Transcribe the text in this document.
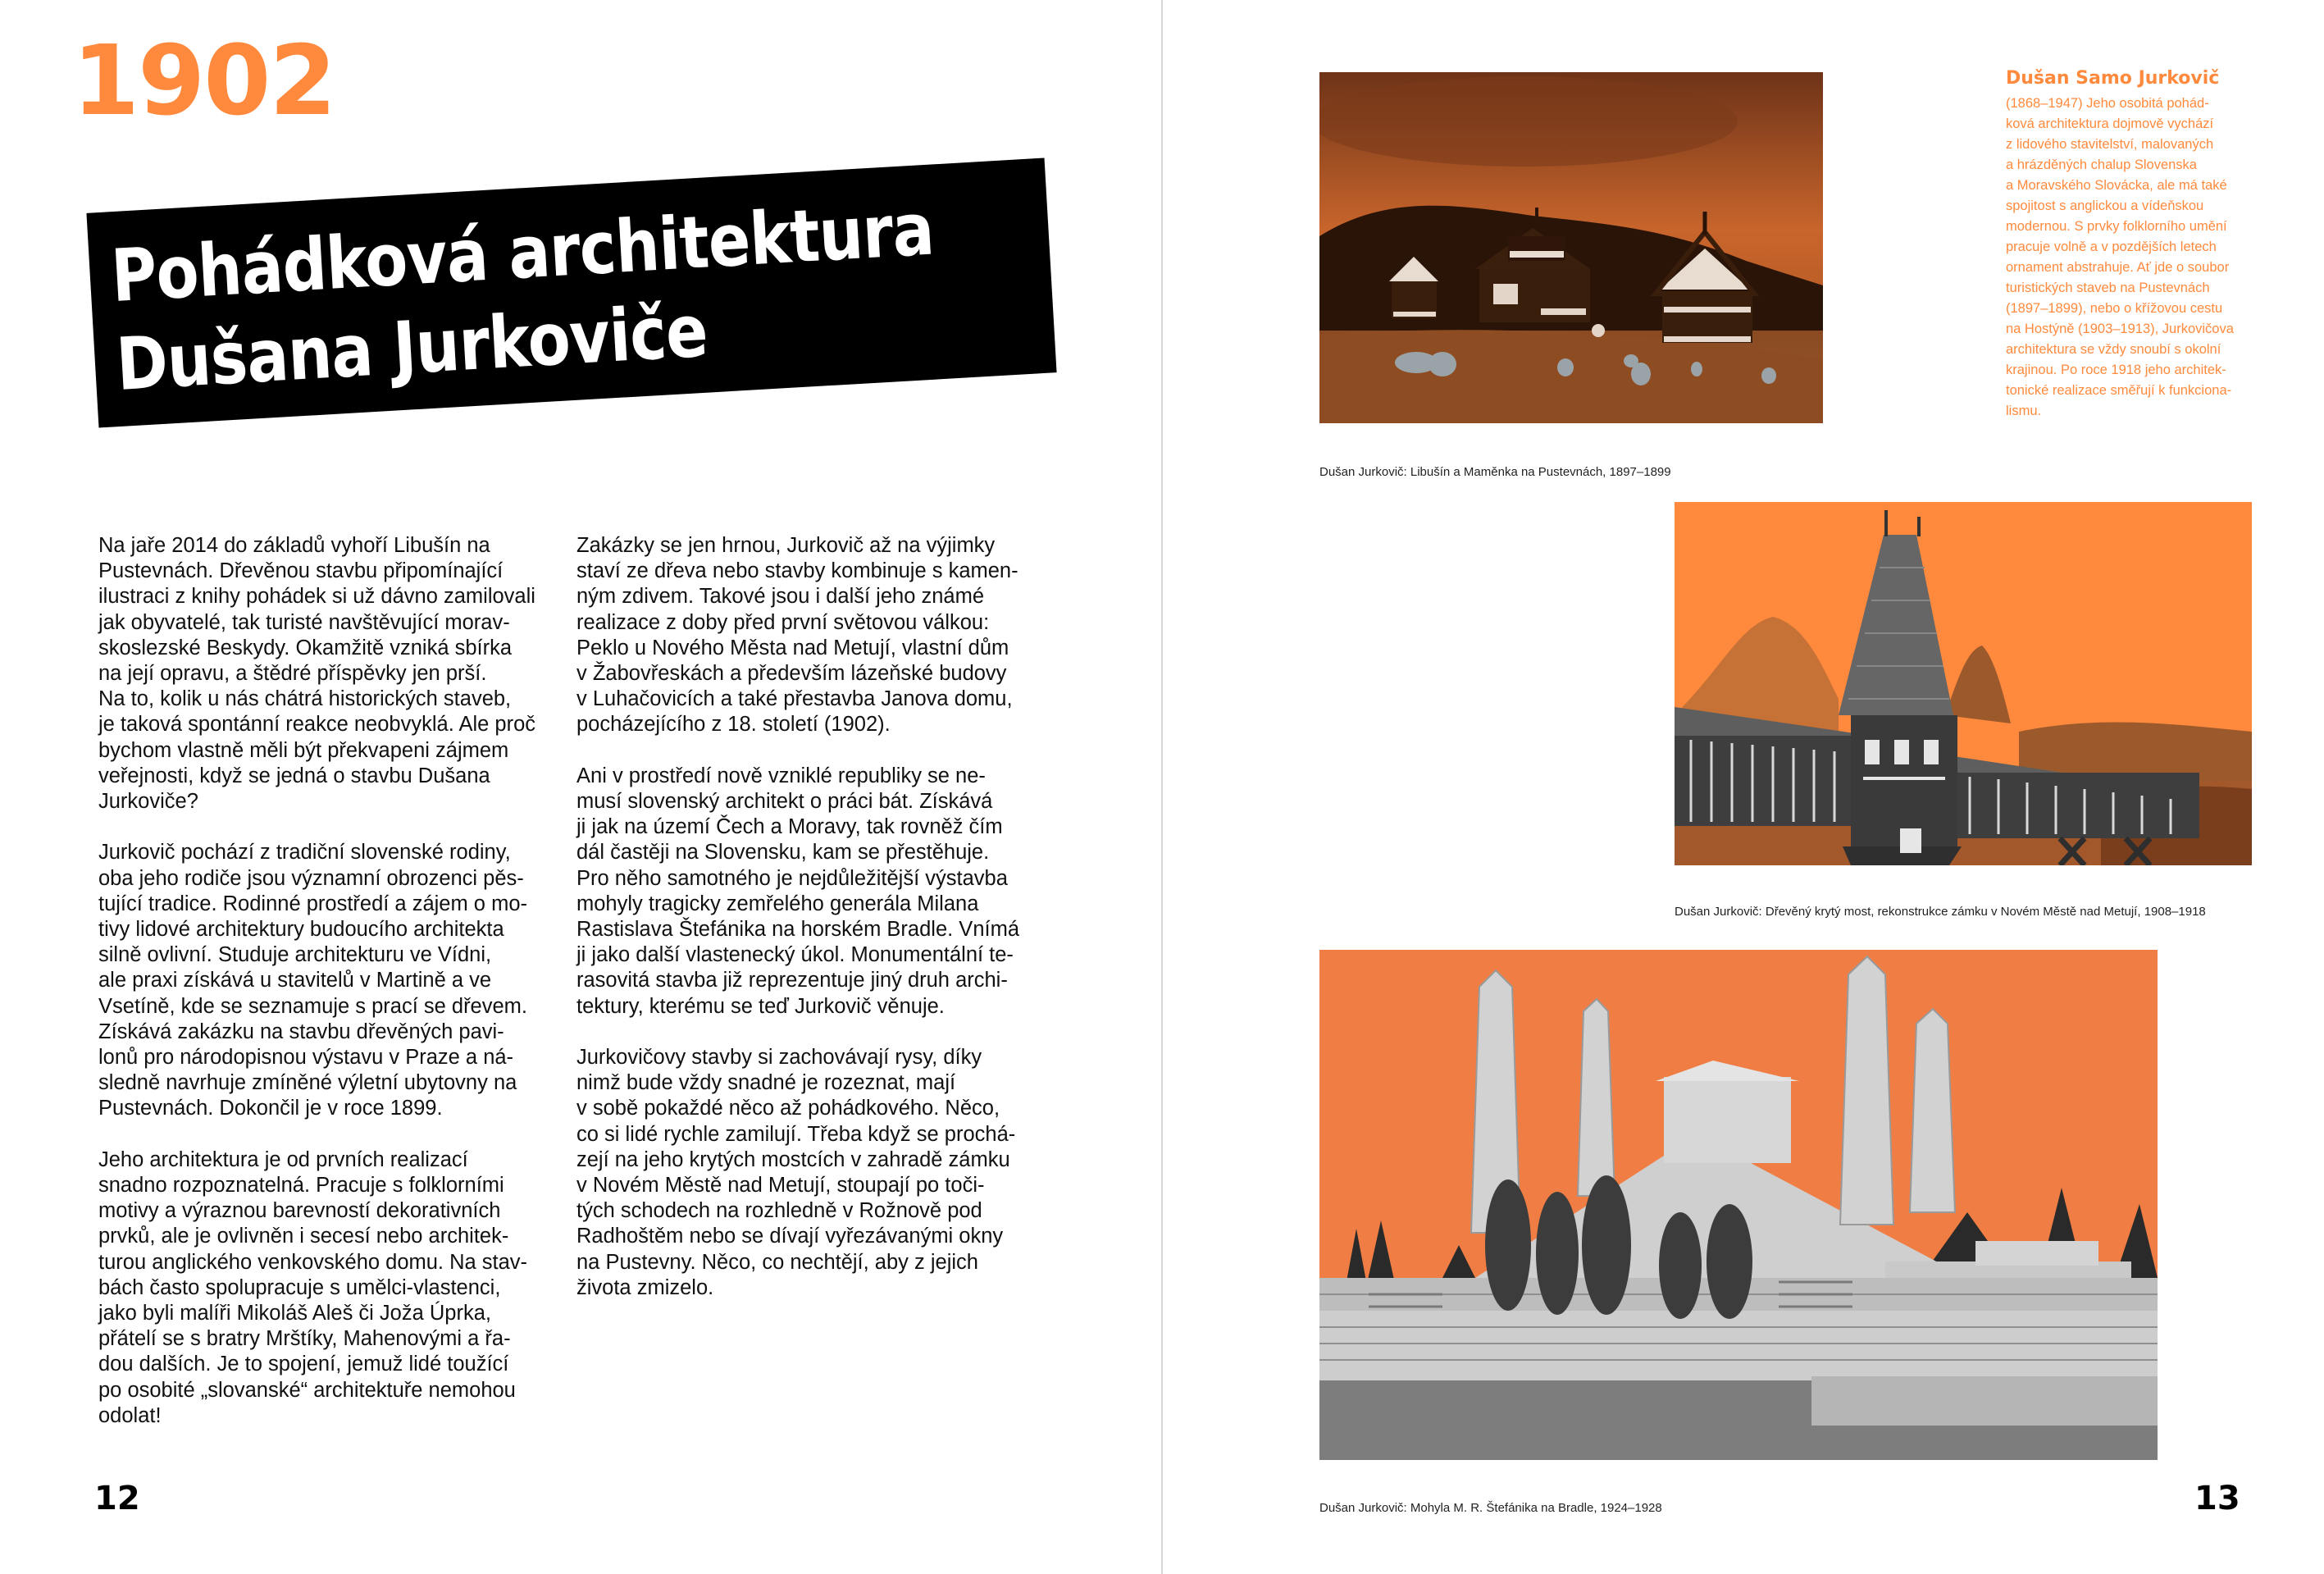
1902
Pohádková architektura
Dušana Jurkoviče

Na jaře 2014 do základů vyhoří Libušín na
Pustevnách. Dřevěnou stavbu připomínající
ilustraci z knihy pohádek si už dávno zamilovali
jak obyvatelé, tak turisté navštěvující morav-
skoslezské Beskydy. Okamžitě vzniká sbírka
na její opravu, a štědré příspěvky jen prší.
Na to, kolik u nás chátrá historických staveb,
je taková spontánní reakce neobvyklá. Ale proč
bychom vlastně měli být překvapeni zájmem
veřejnosti, když se jedná o stavbu Dušana
Jurkoviče?

Jurkovič pochází z tradiční slovenské rodiny,
oba jeho rodiče jsou významní obrozenci pěs-
tující tradice. Rodinné prostředí a zájem o mo-
tivy lidové architektury budoucího architekta
silně ovlivní. Studuje architekturu ve Vídni,
ale praxi získává u stavitelů v Martině a ve
Vsetíně, kde se seznamuje s prací se dřevem.
Získává zakázku na stavbu dřevěných pavi-
lonů pro národopisnou výstavu v Praze a ná-
sledně navrhuje zmíněné výletní ubytovny na
Pustevnách. Dokončil je v roce 1899.

Jeho architektura je od prvních realizací
snadno rozpoznatelná. Pracuje s folklorními
motivy a výraznou barevností dekorativních
prvků, ale je ovlivněn i secesí nebo architek-
turou anglického venkovského domu. Na stav-
bách často spolupracuje s umělci-vlastenci,
jako byli malíři Mikoláš Aleš či Joža Úprka,
přátelí se s bratry Mrštíky, Mahenovými a řa-
dou dalších. Je to spojení, jemuž lidé toužící
po osobité „slovanské“ architektuře nemohou
odolat!

Zakázky se jen hrnou, Jurkovič až na výjimky
staví ze dřeva nebo stavby kombinuje s kamen-
ným zdivem. Takové jsou i další jeho známé
realizace z doby před první světovou válkou:
Peklo u Nového Města nad Metují, vlastní dům
v Žabovřeskách a především lázeňské budovy
v Luhačovicích a také přestavba Janova domu,
pocházejícího z 18. století (1902).

Ani v prostředí nově vzniklé republiky se ne-
musí slovenský architekt o práci bát. Získává
ji jak na území Čech a Moravy, tak rovněž čím
dál častěji na Slovensku, kam se přestěhuje.
Pro něho samotného je nejdůležitější výstavba
mohyly tragicky zemřelého generála Milana
Rastislava Štefánika na horském Bradle. Vnímá
ji jako další vlastenecký úkol. Monumentální te-
rasovitá stavba již reprezentuje jiný druh archi-
tektury, kterému se teď Jurkovič věnuje.

Jurkovičovy stavby si zachovávají rysy, díky
nimž bude vždy snadné je rozeznat, mají
v sobě pokaždé něco až pohádkového. Něco,
co si lidé rychle zamilují. Třeba když se prochá-
zejí na jeho krytých mostcích v zahradě zámku
v Novém Městě nad Metují, stoupají po toči-
tých schodech na rozhledně v Rožnově pod
Radhoštěm nebo se dívají vyřezávanými okny
na Pustevny. Něco, co nechtějí, aby z jejich
života zmizelo.

12
Dušan Jurkovič: Libušín a Maměnka na Pustevnách, 1897–1899
Dušan Samo Jurkovič

(1868–1947) Jeho osobitá pohád-
ková architektura dojmově vychází
z lidového stavitelství, malovaných
a hrázděných chalup Slovenska
a Moravského Slovácka, ale má také
spojitost s anglickou a vídeňskou
modernou. S prvky folklorního umění
pracuje volně a v pozdějších letech
ornament abstrahuje. Ať jde o soubor
turistických staveb na Pustevnách
(1897–1899), nebo o křížovou cestu
na Hostýně (1903–1913), Jurkovičova
architektura se vždy snoubí s okolní
krajinou. Po roce 1918 jeho architek-
tonické realizace směřují k funkciona-
lismu.

Dušan Jurkovič: Dřevěný krytý most, rekonstrukce zámku v Novém Městě nad Metují, 1908–1918
Dušan Jurkovič: Mohyla M. R. Štefánika na Bradle, 1924–1928	13
